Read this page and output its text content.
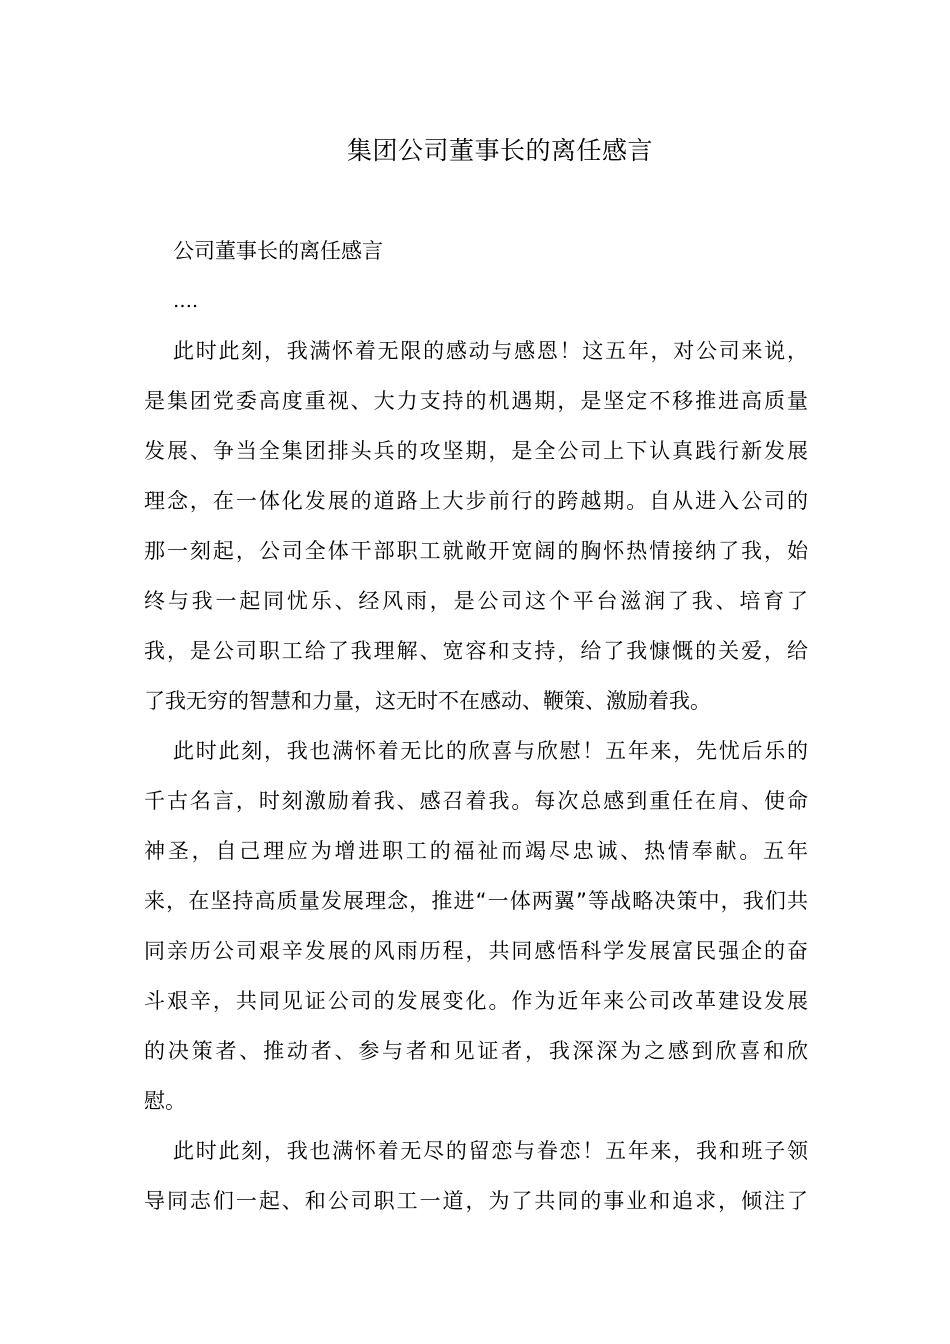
集团公司董事长的离任感言
公司董事长的离任感言
….
此时此刻，我满怀着无限的感动与感恩！这五年，对公司来说，
是集团党委高度重视、大力支持的机遇期，是坚定不移推进高质量
发展、争当全集团排头兵的攻坚期，是全公司上下认真践行新发展
理念，在一体化发展的道路上大步前行的跨越期。自从进入公司的
那一刻起，公司全体干部职工就敞开宽阔的胸怀热情接纳了我，始
终与我一起同忧乐、经风雨，是公司这个平台滋润了我、培育了
我，是公司职工给了我理解、宽容和支持，给了我慷慨的关爱，给
了我无穷的智慧和力量，这无时不在感动、鞭策、激励着我。
此时此刻，我也满怀着无比的欣喜与欣慰！五年来，先忧后乐的
千古名言，时刻激励着我、感召着我。每次总感到重任在肩、使命
神圣，自己理应为增进职工的福祉而竭尽忠诚、热情奉献。五年
来，在坚持高质量发展理念，推进“一体两翼”等战略决策中，我们共
同亲历公司艰辛发展的风雨历程，共同感悟科学发展富民强企的奋
斗艰辛，共同见证公司的发展变化。作为近年来公司改革建设发展
的决策者、推动者、参与者和见证者，我深深为之感到欣喜和欣
慰。
此时此刻，我也满怀着无尽的留恋与眷恋！五年来，我和班子领
导同志们一起、和公司职工一道，为了共同的事业和追求，倾注了
